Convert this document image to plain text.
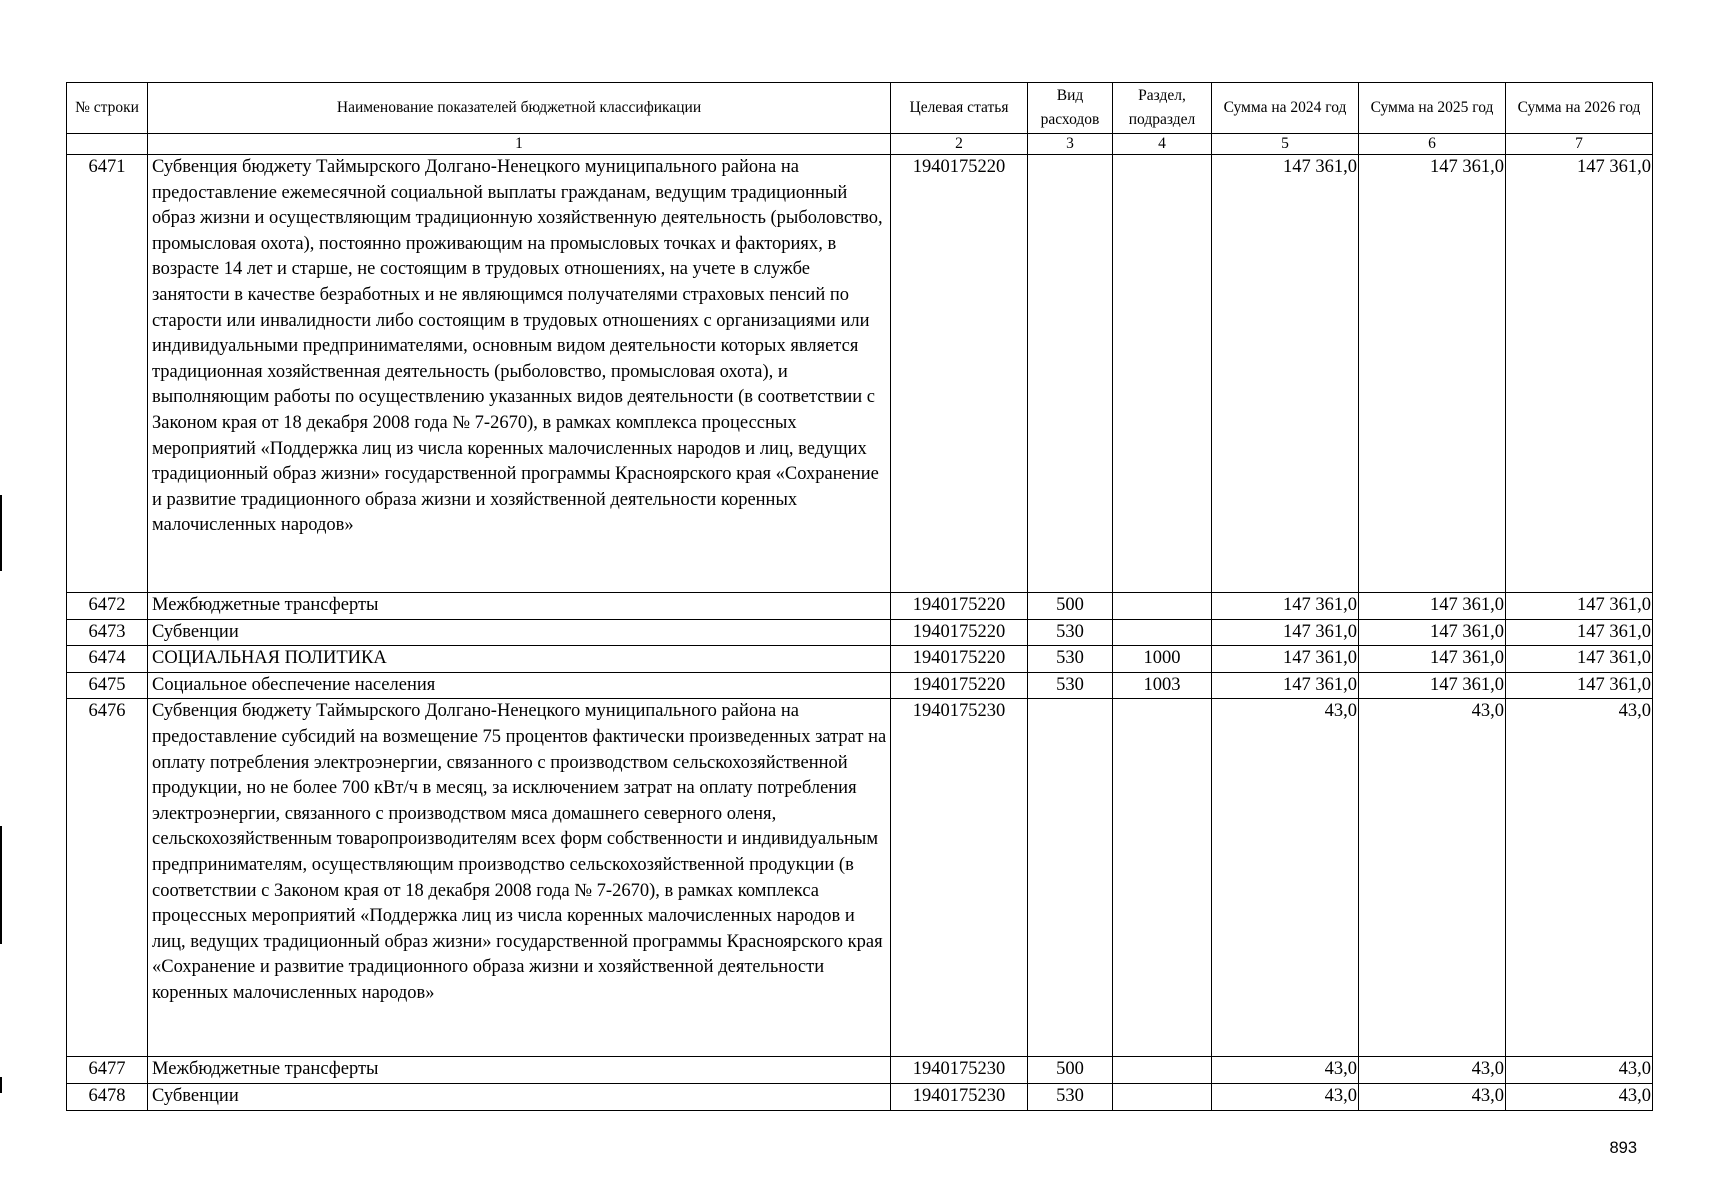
№ строки	Наименование показателей бюджетной классификации	Целевая статья	Вид расходов	Раздел, подраздел	Сумма на 2024 год	Сумма на 2025 год	Сумма на 2026 год
	1	2	3	4	5	6	7
6471	Субвенция бюджету Таймырского Долгано-Ненецкого муниципального района на предоставление ежемесячной социальной выплаты гражданам, ведущим традиционный образ жизни и осуществляющим традиционную хозяйственную деятельность (рыболовство, промысловая охота), постоянно проживающим на промысловых точках и факториях, в возрасте 14 лет и старше, не состоящим в трудовых отношениях, на учете в службе занятости в качестве безработных и не являющимся получателями страховых пенсий по старости или инвалидности либо состоящим в трудовых отношениях с организациями или индивидуальными предпринимателями, основным видом деятельности которых является традиционная хозяйственная деятельность (рыболовство, промысловая охота), и выполняющим работы по осуществлению указанных видов деятельности (в соответствии с Законом края от 18 декабря 2008 года № 7-2670), в рамках комплекса процессных мероприятий «Поддержка лиц из числа коренных малочисленных народов и лиц, ведущих традиционный образ жизни» государственной программы Красноярского края «Сохранение и развитие традиционного образа жизни и хозяйственной деятельности коренных малочисленных народов»	1940175220			147 361,0	147 361,0	147 361,0
6472	Межбюджетные трансферты	1940175220	500		147 361,0	147 361,0	147 361,0
6473	Субвенции	1940175220	530		147 361,0	147 361,0	147 361,0
6474	СОЦИАЛЬНАЯ ПОЛИТИКА	1940175220	530	1000	147 361,0	147 361,0	147 361,0
6475	Социальное обеспечение населения	1940175220	530	1003	147 361,0	147 361,0	147 361,0
6476	Субвенция бюджету Таймырского Долгано-Ненецкого муниципального района на предоставление субсидий на возмещение 75 процентов фактически произведенных затрат на оплату потребления электроэнергии, связанного с производством сельскохозяйственной продукции, но не более 700 кВт/ч в месяц, за исключением затрат на оплату потребления электроэнергии, связанного с производством мяса домашнего северного оленя, сельскохозяйственным товаропроизводителям всех форм собственности и индивидуальным предпринимателям, осуществляющим производство сельскохозяйственной продукции (в соответствии с Законом края от 18 декабря 2008 года № 7-2670), в рамках комплекса процессных мероприятий «Поддержка лиц из числа коренных малочисленных народов и лиц, ведущих традиционный образ жизни» государственной программы Красноярского края «Сохранение и развитие традиционного образа жизни и хозяйственной деятельности коренных малочисленных народов»	1940175230			43,0	43,0	43,0
6477	Межбюджетные трансферты	1940175230	500		43,0	43,0	43,0
6478	Субвенции	1940175230	530		43,0	43,0	43,0
893
